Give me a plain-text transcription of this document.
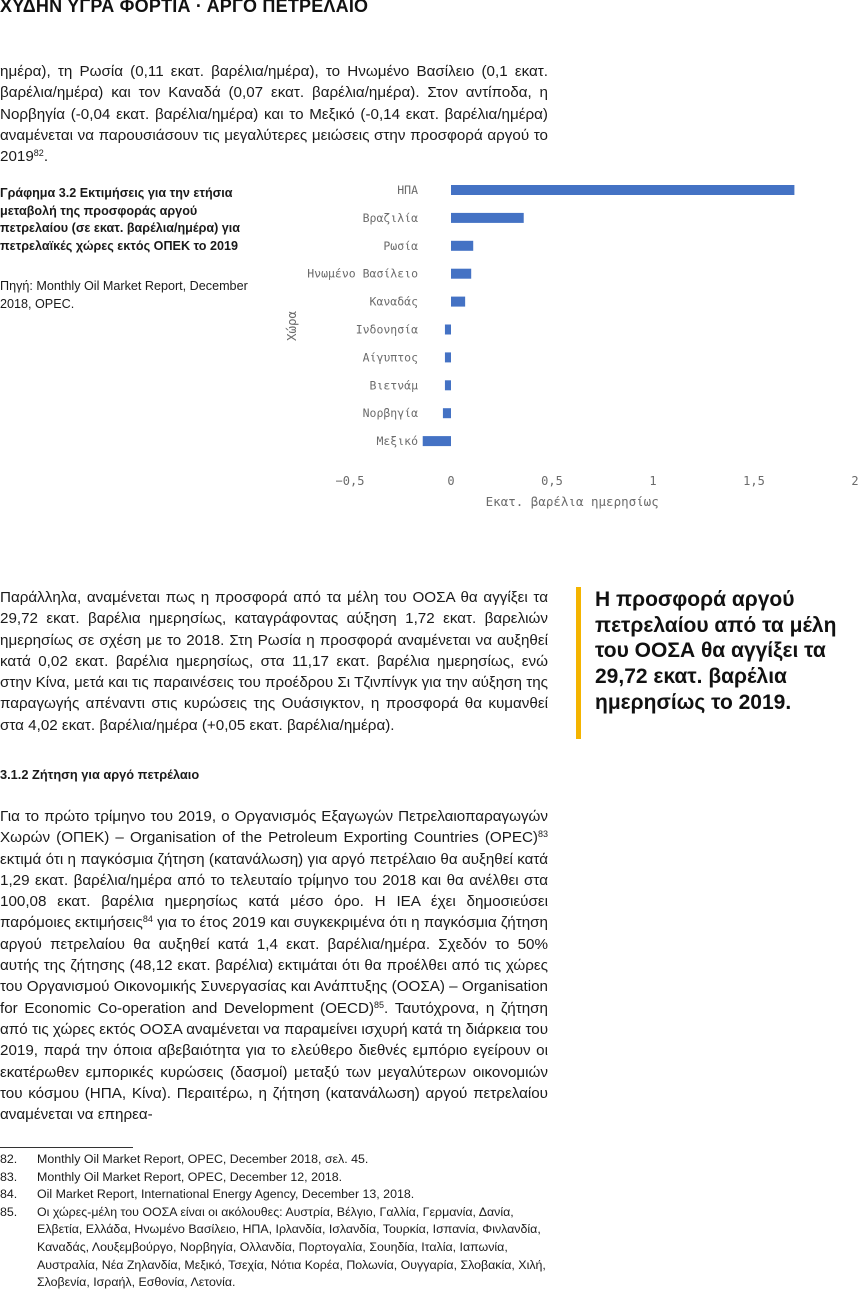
ΧΥΔΗΝ ΥΓΡΑ ΦΟΡΤΙΑ · ΑΡΓΟ ΠΕΤΡΕΛΑΙΟ

ημέρα), τη Ρωσία (0,11 εκατ. βαρέλια/ημέρα), το Ηνωμένο Βασίλειο (0,1 εκατ. βαρέλια/ημέρα) και τον Καναδά (0,07 εκατ. βαρέλια/ημέρα). Στον αντίποδα, η Νορβηγία (-0,04 εκατ. βαρέλια/ημέρα) και το Μεξικό (-0,14 εκατ. βαρέλια/ημέρα) αναμένεται να παρουσιάσουν τις μεγαλύτερες μειώσεις στην προσφορά αργού το 2019$^{82}$.

Γράφημα 3.2 Εκτιμήσεις για την ετήσια μεταβολή της προσφοράς αργού πετρελαίου (σε εκατ. βαρέλια/ημέρα) για πετρελαϊκές χώρες εκτός ΟΠΕΚ το 2019

Πηγή: Monthly Oil Market Report, December 2018, OPEC.

ΗΠΑ
Βραζιλία
Ρωσία
Ηνωμένο Βασίλειο
Καναδάς
Ινδονησία
Αίγυπτος
Βιετνάμ
Νορβηγία
Μεξικό
−0,5	0	0,5	1	1,5	2
Εκατ. βαρέλια ημερησίως
Χώρα

Παράλληλα, αναμένεται πως η προσφορά από τα μέλη του ΟΟΣΑ θα αγγίξει τα 29,72 εκατ. βαρέλια ημερησίως, καταγράφοντας αύξηση 1,72 εκατ. βαρελιών ημερησίως σε σχέση με το 2018. Στη Ρωσία η προσφορά αναμένεται να αυξηθεί κατά 0,02 εκατ. βαρέλια ημερησίως, στα 11,17 εκατ. βαρέλια ημερησίως, ενώ στην Κίνα, μετά και τις παραινέσεις του προέδρου Σι Τζινπίνγκ για την αύξηση της παραγωγής απέναντι στις κυρώσεις της Ουάσιγκτον, η προσφορά θα κυμανθεί στα 4,02 εκατ. βαρέλια/ημέρα (+0,05 εκατ. βαρέλια/ημέρα).

Η προσφορά αργού πετρελαίου από τα μέλη του ΟΟΣΑ θα αγγίξει τα 29,72 εκατ. βαρέλια ημερησίως το 2019.

3.1.2 Ζήτηση για αργό πετρέλαιο

Για το πρώτο τρίμηνο του 2019, ο Οργανισμός Εξαγωγών Πετρελαιοπαραγωγών Χωρών (ΟΠΕΚ) – Organisation of the Petroleum Exporting Countries (OPEC)$^{83}$ εκτιμά ότι η παγκόσμια ζήτηση (κατανάλωση) για αργό πετρέλαιο θα αυξηθεί κατά 1,29 εκατ. βαρέλια/ημέρα από το τελευταίο τρίμηνο του 2018 και θα ανέλθει στα 100,08 εκατ. βαρέλια ημερησίως κατά μέσο όρο. Η IEA έχει δημοσιεύσει παρόμοιες εκτιμήσεις$^{84}$ για το έτος 2019 και συγκεκριμένα ότι η παγκόσμια ζήτηση αργού πετρελαίου θα αυξηθεί κατά 1,4 εκατ. βαρέλια/ημέρα. Σχεδόν το 50% αυτής της ζήτησης (48,12 εκατ. βαρέλια) εκτιμάται ότι θα προέλθει από τις χώρες του Οργανισμού Οικονομικής Συνεργασίας και Ανάπτυξης (ΟΟΣΑ) – Organisation for Economic Co-operation and Development (OECD)$^{85}$. Ταυτόχρονα, η ζήτηση από τις χώρες εκτός ΟΟΣΑ αναμένεται να παραμείνει ισχυρή κατά τη διάρκεια του 2019, παρά την όποια αβεβαιότητα για το ελεύθερο διεθνές εμπόριο εγείρουν οι εκατέρωθεν εμπορικές κυρώσεις (δασμοί) μεταξύ των μεγαλύτερων οικονομιών του κόσμου (ΗΠΑ, Κίνα). Περαιτέρω, η ζήτηση (κατανάλωση) αργού πετρελαίου αναμένεται να επηρεα-

82. Monthly Oil Market Report, OPEC, December 2018, σελ. 45.
83. Monthly Oil Market Report, OPEC, December 12, 2018.
84. Oil Market Report, International Energy Agency, December 13, 2018.
85. Οι χώρες-μέλη του ΟΟΣΑ είναι οι ακόλουθες: Αυστρία, Βέλγιο, Γαλλία, Γερμανία, Δανία, Ελβετία, Ελλάδα, Ηνωμένο Βασίλειο, ΗΠΑ, Ιρλανδία, Ισλανδία, Τουρκία, Ισπανία, Φινλανδία, Καναδάς, Λουξεμβούργο, Νορβηγία, Ολλανδία, Πορτογαλία, Σουηδία, Ιταλία, Ιαπωνία, Αυστραλία, Νέα Ζηλανδία, Μεξικό, Τσεχία, Νότια Κορέα, Πολωνία, Ουγγαρία, Σλοβακία, Χιλή, Σλοβενία, Ισραήλ, Εσθονία, Λετονία.
